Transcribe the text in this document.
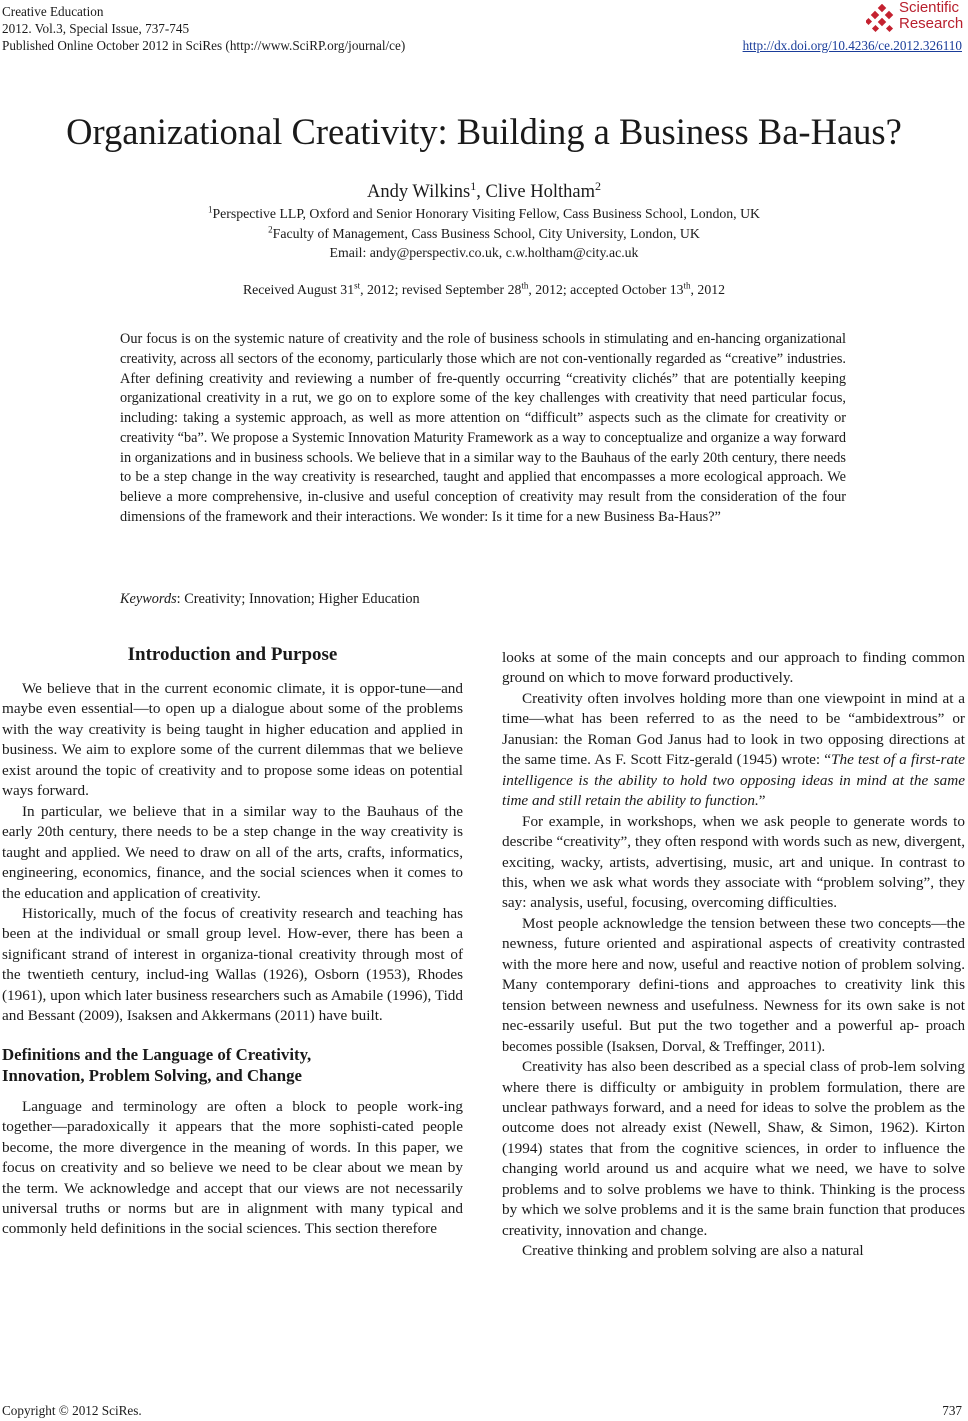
Creative Education
2012. Vol.3, Special Issue, 737-745
Published Online October 2012 in SciRes (http://www.SciRP.org/journal/ce)	http://dx.doi.org/10.4236/ce.2012.326110
Scientific
Research
Organizational Creativity: Building a Business Ba-Haus?
Andy Wilkins$^1$, Clive Holtham$^2$
$^1$Perspective LLP, Oxford and Senior Honorary Visiting Fellow, Cass Business School, London, UK
$^2$Faculty of Management, Cass Business School, City University, London, UK
Email: andy@perspectiv.co.uk, c.w.holtham@city.ac.uk
Received August 31st, 2012; revised September 28th, 2012; accepted October 13th, 2012
Our focus is on the systemic nature of creativity and the role of business schools in stimulating and en-hancing organizational creativity, across all sectors of the economy, particularly those which are not con-ventionally regarded as “creative” industries. After defining creativity and reviewing a number of fre-quently occurring “creativity clichés” that are potentially keeping organizational creativity in a rut, we go on to explore some of the key challenges with creativity that need particular focus, including: taking a systemic approach, as well as more attention on “difficult” aspects such as the climate for creativity or creativity “ba”. We propose a Systemic Innovation Maturity Framework as a way to conceptualize and organize a way forward in organizations and in business schools. We believe that in a similar way to the Bauhaus of the early 20th century, there needs to be a step change in the way creativity is researched, taught and applied that encompasses a more ecological approach. We believe a more comprehensive, in-clusive and useful conception of creativity may result from the consideration of the four dimensions of the framework and their interactions. We wonder: Is it time for a new Business Ba-Haus?”
Keywords: Creativity; Innovation; Higher Education
Introduction and Purpose

We believe that in the current economic climate, it is oppor-tune—and maybe even essential—to open up a dialogue about some of the problems with the way creativity is being taught in higher education and applied in business. We aim to explore some of the current dilemmas that we believe exist around the topic of creativity and to propose some ideas on potential ways forward.

In particular, we believe that in a similar way to the Bauhaus of the early 20th century, there needs to be a step change in the way creativity is taught and applied. We need to draw on all of the arts, crafts, informatics, engineering, economics, finance, and the social sciences when it comes to the education and application of creativity.

Historically, much of the focus of creativity research and teaching has been at the individual or small group level. How-ever, there has been a significant strand of interest in organiza-tional creativity through most of the twentieth century, includ-ing Wallas (1926), Osborn (1953), Rhodes (1961), upon which later business researchers such as Amabile (1996), Tidd and Bessant (2009), Isaksen and Akkermans (2011) have built.

Definitions and the Language of Creativity,
Innovation, Problem Solving, and Change

Language and terminology are often a block to people work-ing together—paradoxically it appears that the more sophisti-cated people become, the more divergence in the meaning of words. In this paper, we focus on creativity and so believe we need to be clear about we mean by the term. We acknowledge and accept that our views are not necessarily universal truths or norms but are in alignment with many typical and commonly held definitions in the social sciences. This section therefore

looks at some of the main concepts and our approach to finding common ground on which to move forward productively.

Creativity often involves holding more than one viewpoint in mind at a time—what has been referred to as the need to be “ambidextrous” or Janusian: the Roman God Janus had to look in two opposing directions at the same time. As F. Scott Fitz-gerald (1945) wrote: “The test of a first-rate intelligence is the ability to hold two opposing ideas in mind at the same time and still retain the ability to function.”

For example, in workshops, when we ask people to generate words to describe “creativity”, they often respond with words such as new, divergent, exciting, wacky, artists, advertising, music, art and unique. In contrast to this, when we ask what words they associate with “problem solving”, they say: analysis, useful, focusing, overcoming difficulties.

Most people acknowledge the tension between these two concepts—the newness, future oriented and aspirational aspects of creativity contrasted with the more here and now, useful and reactive notion of problem solving. Many contemporary defini-tions and approaches to creativity link this tension between newness and usefulness. Newness for its own sake is not nec-essarily useful. But put the two together and a powerful ap- proach becomes possible (Isaksen, Dorval, & Treffinger, 2011).

Creativity has also been described as a special class of prob-lem solving where there is difficulty or ambiguity in problem formulation, there are unclear pathways forward, and a need for ideas to solve the problem as the outcome does not already exist (Newell, Shaw, & Simon, 1962). Kirton (1994) states that from the cognitive sciences, in order to influence the changing world around us and acquire what we need, we have to solve problems and to solve problems we have to think. Thinking is the process by which we solve problems and it is the same brain function that produces creativity, innovation and change.

Creative thinking and problem solving are also a natural

Copyright © 2012 SciRes.	737
